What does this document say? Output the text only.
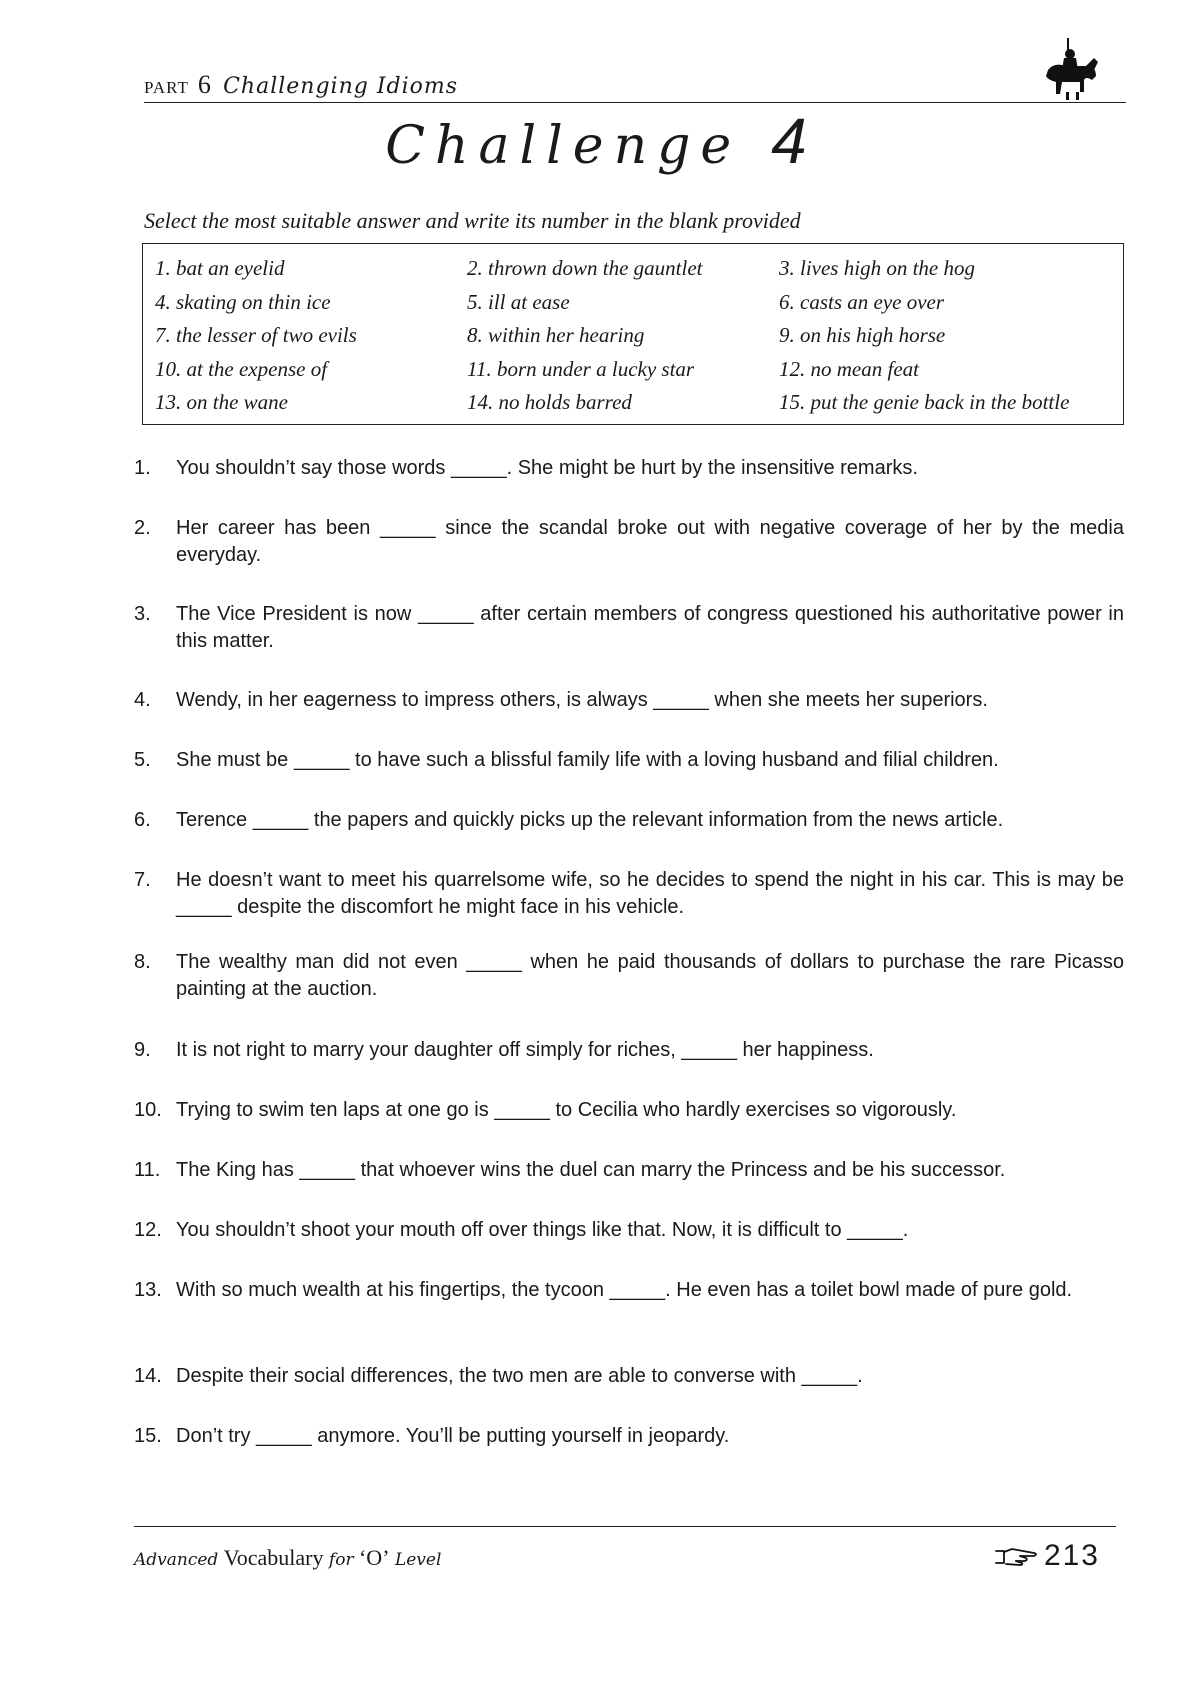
PART 6 Challenging Idioms
Challenge 4
Select the most suitable answer and write its number in the blank provided
1. bat an eyelid	2. thrown down the gauntlet	3. lives high on the hog
4. skating on thin ice	5. ill at ease	6. casts an eye over
7. the lesser of two evils	8. within her hearing	9. on his high horse
10. at the expense of	11. born under a lucky star	12. no mean feat
13. on the wane	14. no holds barred	15. put the genie back in the bottle
1.	You shouldn’t say those words _____. She might be hurt by the insensitive remarks.
2.	Her career has been _____ since the scandal broke out with negative coverage of her by the media everyday.
3.	The Vice President is now _____ after certain members of congress questioned his authoritative power in this matter.
4.	Wendy, in her eagerness to impress others, is always _____ when she meets her superiors.
5.	She must be _____ to have such a blissful family life with a loving husband and filial children.
6.	Terence _____ the papers and quickly picks up the relevant information from the news article.
7.	He doesn’t want to meet his quarrelsome wife, so he decides to spend the night in his car. This is may be _____ despite the discomfort he might face in his vehicle.
8.	The wealthy man did not even _____ when he paid thousands of dollars to purchase the rare Picasso painting at the auction.
9.	It is not right to marry your daughter off simply for riches, _____ her happiness.
10. Trying to swim ten laps at one go is _____ to Cecilia who hardly exercises so vigorously.
11. The King has _____ that whoever wins the duel can marry the Princess and be his successor.
12. You shouldn’t shoot your mouth off over things like that. Now, it is difficult to _____.
13. With so much wealth at his fingertips, the tycoon _____. He even has a toilet bowl made of pure gold.
14. Despite their social differences, the two men are able to converse with _____.
15. Don’t try _____ anymore. You’ll be putting yourself in jeopardy.
Advanced Vocabulary for ‘O’ Level	213
